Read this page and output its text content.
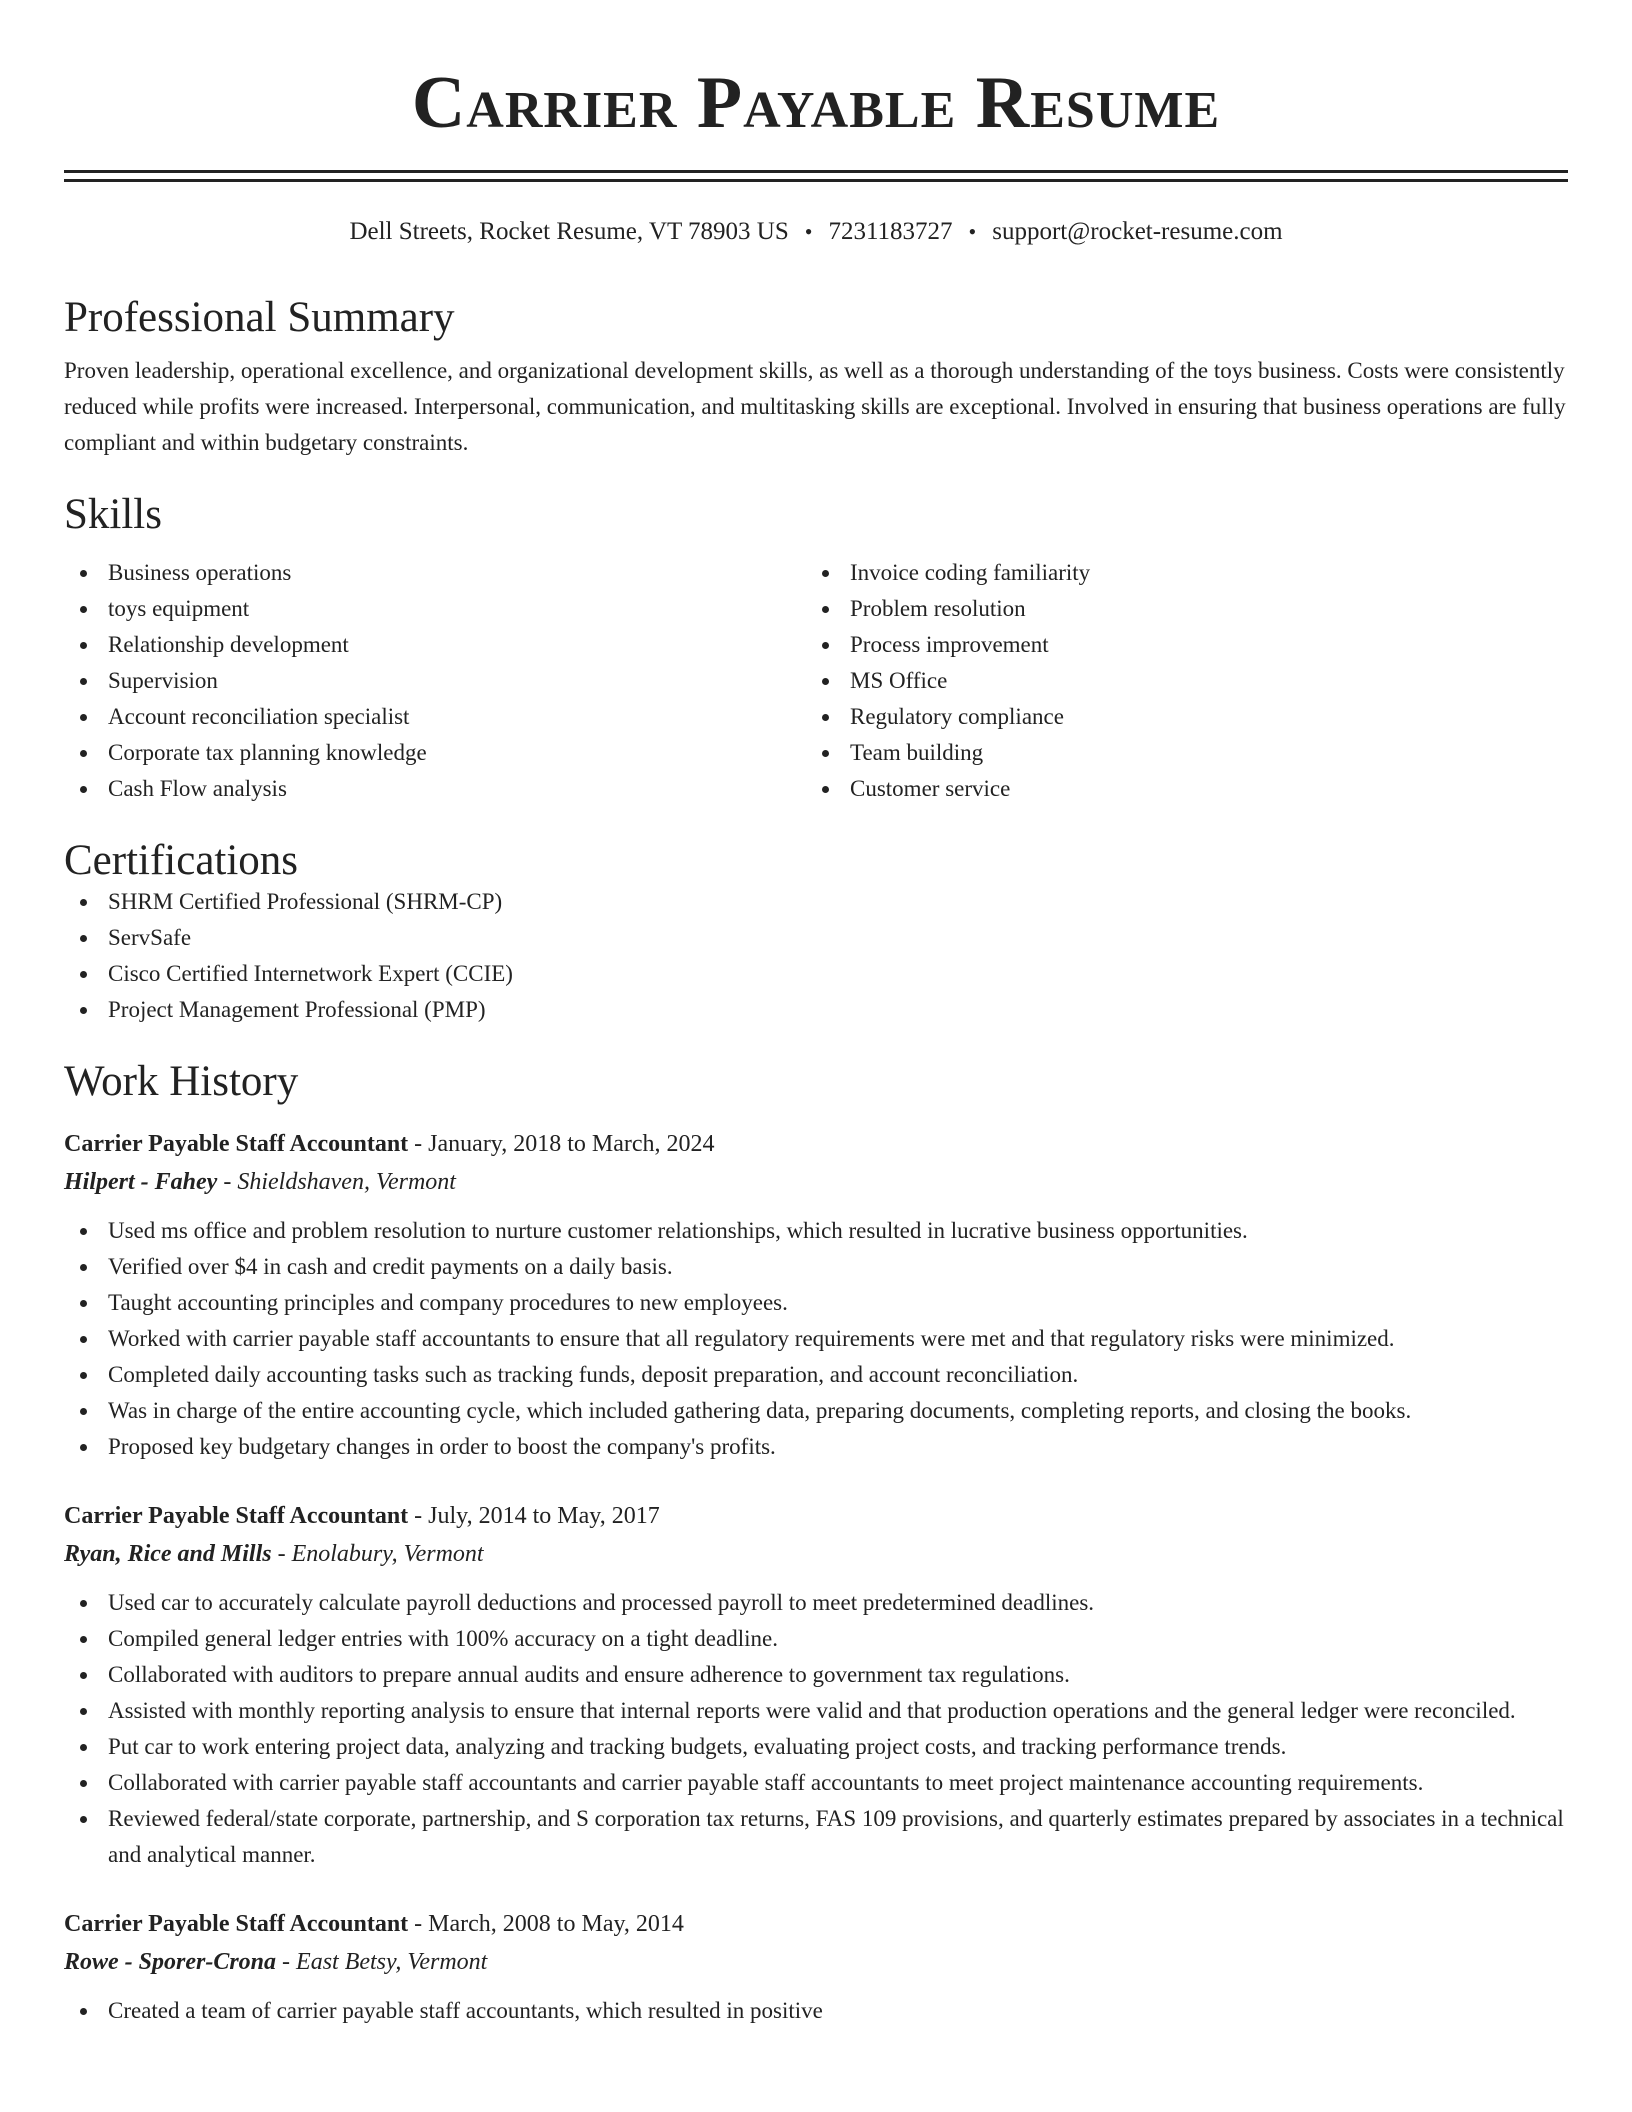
Carrier Payable Resume
Dell Streets, Rocket Resume, VT 78903 US • 7231183727 • support@rocket-resume.com
Professional Summary

Proven leadership, operational excellence, and organizational development skills, as well as a thorough understanding of the toys business. Costs were consistently reduced while profits were increased. Interpersonal, communication, and multitasking skills are exceptional. Involved in ensuring that business operations are fully compliant and within budgetary constraints.

Skills
Business operations
toys equipment
Relationship development
Supervision
Account reconciliation specialist
Corporate tax planning knowledge
Cash Flow analysis
Invoice coding familiarity
Problem resolution
Process improvement
MS Office
Regulatory compliance
Team building
Customer service
Certifications
SHRM Certified Professional (SHRM-CP)
ServSafe
Cisco Certified Internetwork Expert (CCIE)
Project Management Professional (PMP)
Work History
Carrier Payable Staff Accountant - January, 2018 to March, 2024
Hilpert - Fahey - Shieldshaven, Vermont
Used ms office and problem resolution to nurture customer relationships, which resulted in lucrative business opportunities.
Verified over $4 in cash and credit payments on a daily basis.
Taught accounting principles and company procedures to new employees.
Worked with carrier payable staff accountants to ensure that all regulatory requirements were met and that regulatory risks were minimized.
Completed daily accounting tasks such as tracking funds, deposit preparation, and account reconciliation.
Was in charge of the entire accounting cycle, which included gathering data, preparing documents, completing reports, and closing the books.
Proposed key budgetary changes in order to boost the company's profits.
Carrier Payable Staff Accountant - July, 2014 to May, 2017
Ryan, Rice and Mills - Enolabury, Vermont
Used car to accurately calculate payroll deductions and processed payroll to meet predetermined deadlines.
Compiled general ledger entries with 100% accuracy on a tight deadline.
Collaborated with auditors to prepare annual audits and ensure adherence to government tax regulations.
Assisted with monthly reporting analysis to ensure that internal reports were valid and that production operations and the general ledger were reconciled.
Put car to work entering project data, analyzing and tracking budgets, evaluating project costs, and tracking performance trends.
Collaborated with carrier payable staff accountants and carrier payable staff accountants to meet project maintenance accounting requirements.
Reviewed federal/state corporate, partnership, and S corporation tax returns, FAS 109 provisions, and quarterly estimates prepared by associates in a technical and analytical manner.
Carrier Payable Staff Accountant - March, 2008 to May, 2014
Rowe - Sporer-Crona - East Betsy, Vermont
Created a team of carrier payable staff accountants, which resulted in positive
